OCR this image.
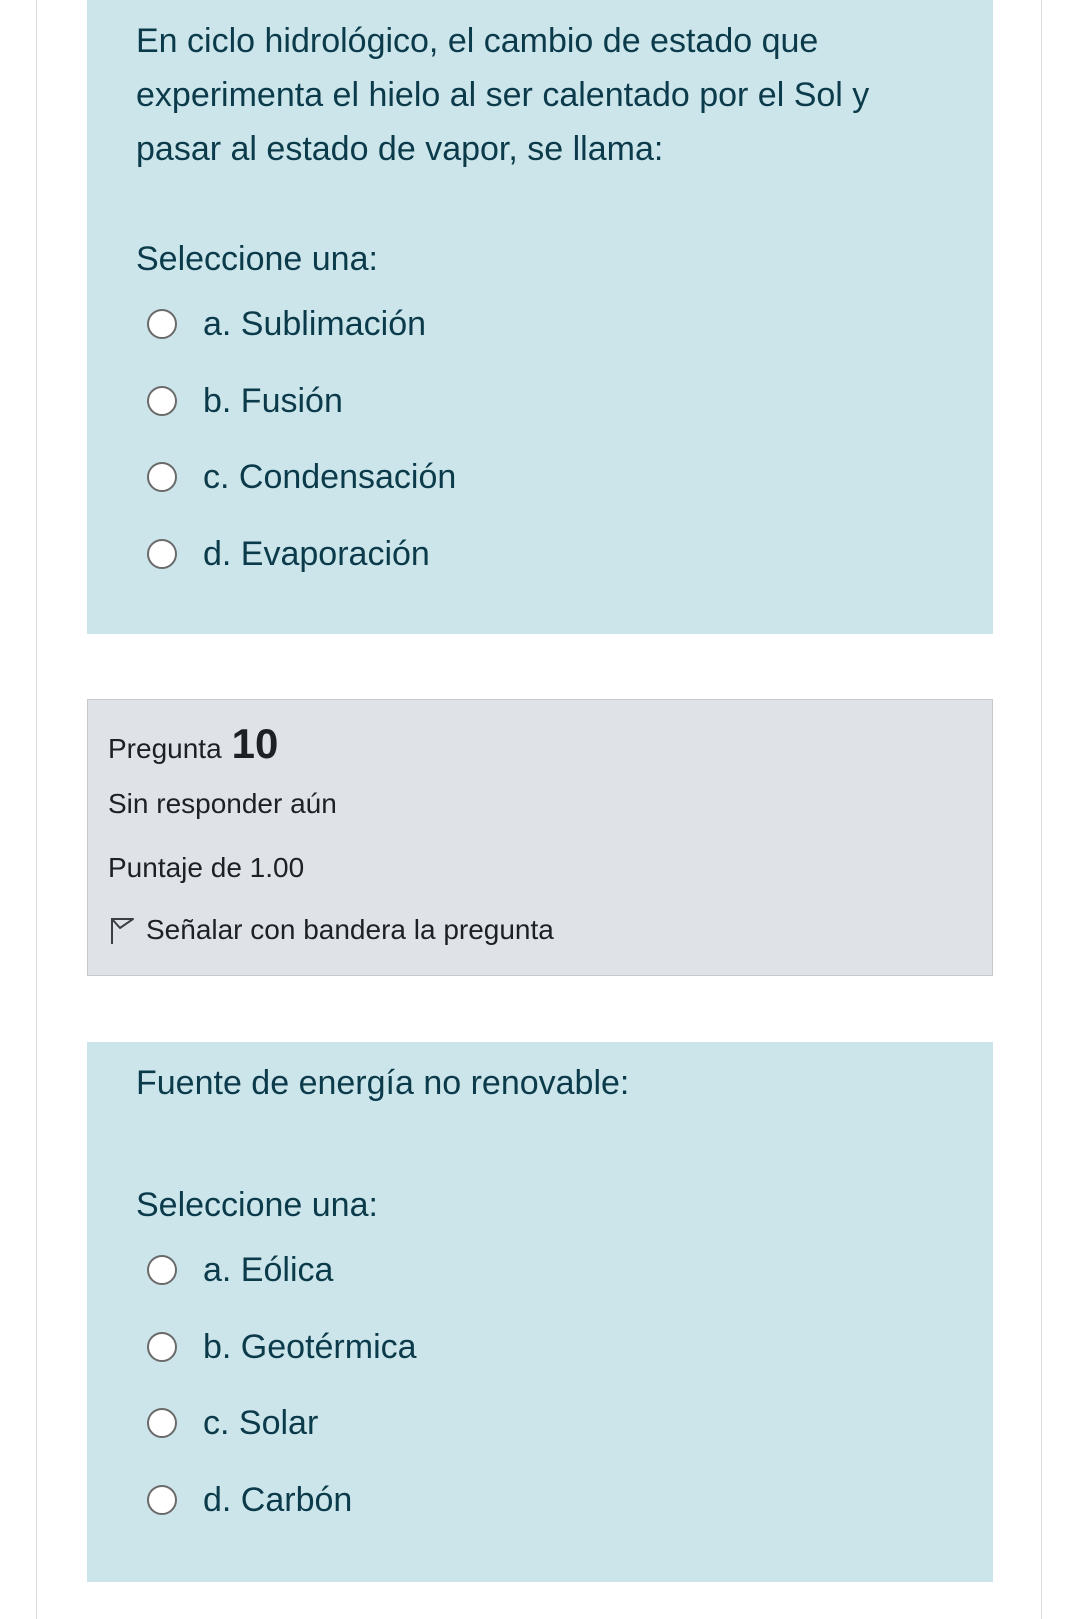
En ciclo hidrológico, el cambio de estado que experimenta el hielo al ser calentado por el Sol y pasar al estado de vapor, se llama:
Seleccione una:
a. Sublimación
b. Fusión
c. Condensación
d. Evaporación
Pregunta 10
Sin responder aún
Puntaje de 1.00
Señalar con bandera la pregunta
Fuente de energía no renovable:
Seleccione una:
a. Eólica
b. Geotérmica
c. Solar
d. Carbón
